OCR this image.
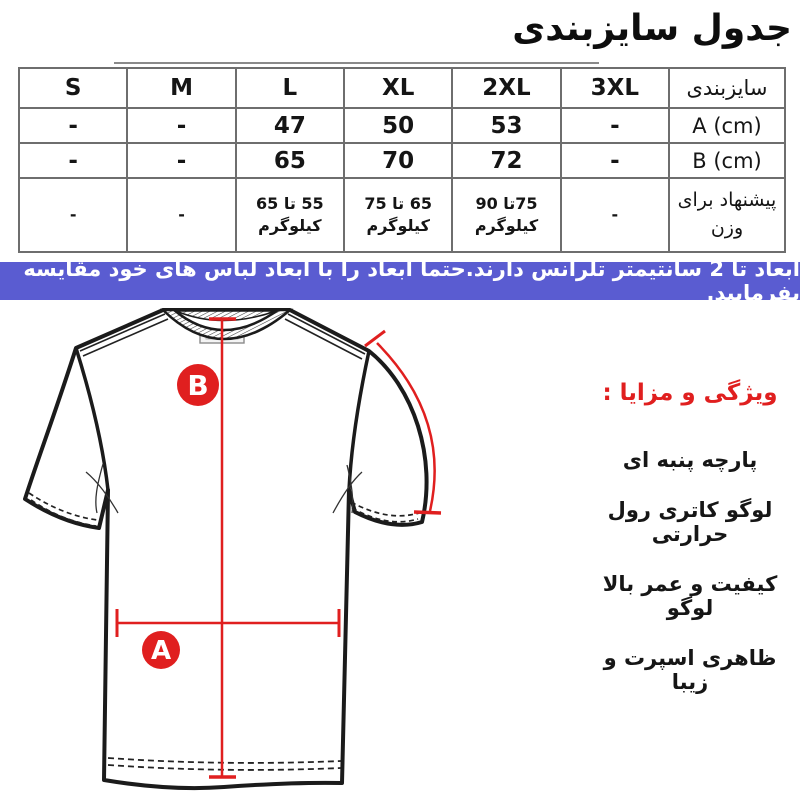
جدول سایزبندی
سایزبندی	3XL	2XL	XL	L	M	S
A (cm)	-	53	50	47	-	-
B (cm)	-	72	70	65	-	-
پیشنهاد برای وزن	-	75تا 90 کیلوگرم	65 تا 75 کیلوگرم	55 تا 65 کیلوگرم	-	-
ابعاد تا 2 سانتیمتر تلرانس دارند.حتما ابعاد را با ابعاد لباس های خود مقایسه بفرمایید.
B
A
ویژگی و مزایا :
پارچه پنبه ای
لوگو کاتری رول حرارتی
کیفیت و عمر بالا لوگو
ظاهری اسپرت و زیبا
